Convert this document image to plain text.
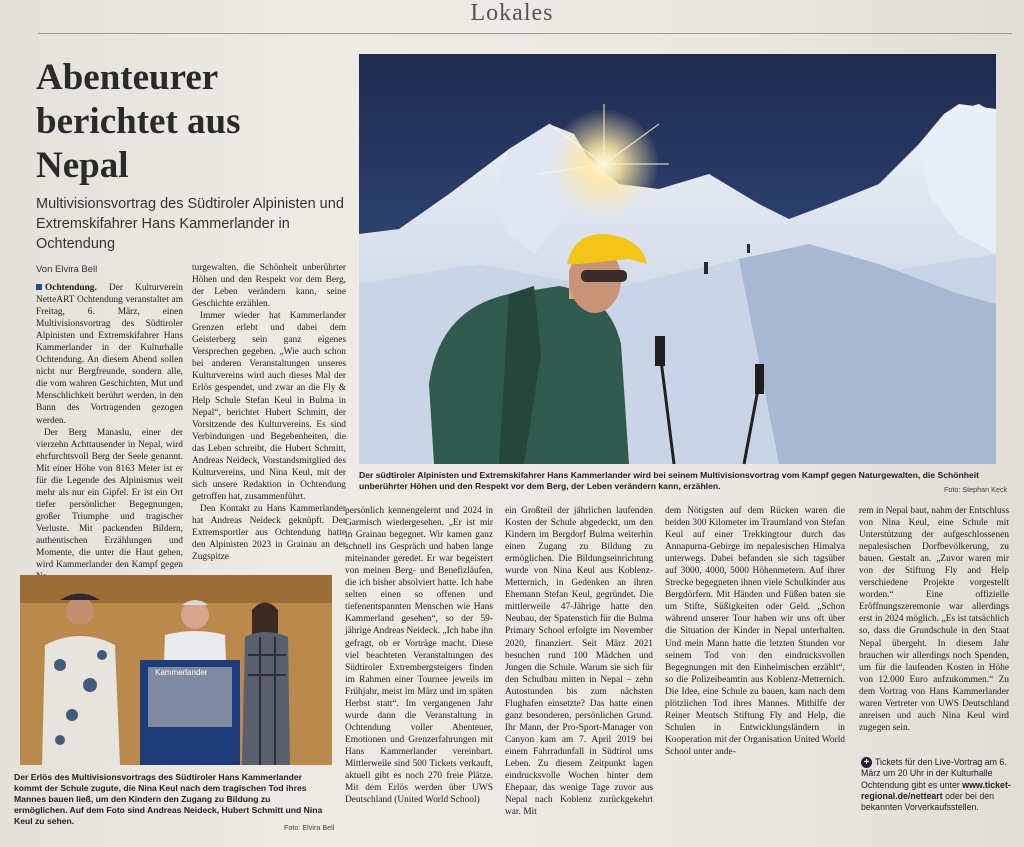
Lokales
Abenteurer berichtet aus Nepal
Multivisionsvortrag des Südtiroler Alpinisten und Extremskifahrer Hans Kammerlander in Ochtendung
Von Elvira Bell

Ochtendung. Der Kulturverein NetteART Ochtendung veranstaltet am Freitag, 6. März, einen Multivisionsvortrag des Südtiroler Alpinisten und Extremskifahrer Hans Kammerlander in der Kulturhalle Ochtendung. An diesem Abend sollen nicht nur Bergfreunde, sondern alle, die vom wahren Geschichten, Mut und Menschlichkeit berührt werden, in den Bann des Vortragenden gezogen werden.

Der Berg Manaslu, einer der vierzehn Achttausender in Nepal, wird ehrfurchtsvoll Berg der Seele genannt. Mit einer Höhe von 8163 Meter ist er für die Legende des Alpinismus weit mehr als nur ein Gipfel. Er ist ein Ort tiefer persönlicher Begegnungen, großer Triumphe und tragischer Verluste. Mit packenden Bildern, authentischen Erzählungen und Momente, die unter die Haut gehen, wird Kammerlander den Kampf gegen

turgewalten, die Schönheit unberührter Höhen und den Respekt vor dem Berg, der Leben verändern kann, seine Geschichte erzählen.

Immer wieder hat Kammerlander Grenzen erlebt und dabei dem Geisterberg sein ganz eigenes Versprechen gegeben. „Wie auch schon bei anderen Veranstaltungen unseres Kulturvereins wird auch dieses Mal der Erlös gespendet, und zwar an die Fly & Help Schule Stefan Keul in Bulma in Nepal“, berichtet Hubert Schmitt, der Vorsitzende des Kulturvereins. Es sind Verbindungen und Begebenheiten, die das Leben schreibt, die Hubert Schmitt, Andreas Neideck, Vorstandsmitglied des Kulturvereins, und Nina Keul, mit der sich unsere Redaktion in Ochtendung getroffen hat, zusammenführt.

Den Kontakt zu Hans Kammerlander hat Andreas Neideck geknüpft. Der Extremsportler aus Ochtendung hatte den Alpinisten 2023 in Grainau an der Zugspitze

Der südtiroler Alpinisten und Extremskifahrer Hans Kammerlander wird bei seinem Multivisionsvortrag vom Kampf gegen Naturgewalten, die Schönheit unberührter Höhen und den Respekt vor dem Berg, der Leben verändern kann, erzählen.	Foto: Stephan Keck
Kammerlander
Der Erlös des Multivisionsvortrags des Südtiroler Hans Kammerlander kommt der Schule zugute, die Nina Keul nach dem tragischen Tod ihres Mannes bauen ließ, um den Kindern den Zugang zu Bildung zu ermöglichen. Auf dem Foto sind Andreas Neideck, Hubert Schmitt und Nina Keul zu sehen.
Foto: Elvira Bell

persönlich kennengelernt und 2024 in Garmisch wiedergesehen. „Er ist mir in Grainau begegnet. Wir kamen ganz schnell ins Gespräch und haben lange miteinander geredet. Er war begeistert von meinen Berg- und Benefizläufen, die ich bisher absolviert hatte. Ich habe selten einen so offenen und tiefenentspannten Menschen wie Hans Kammerland gesehen“, so der 59-jährige Andreas Neideck. „Ich habe ihn gefragt, ob er Vorträge macht. Diese viel beachteten Veranstaltungen des Südtiroler Extrembergsteigers finden im Rahmen einer Tournee jeweils im Frühjahr, meist im März und im späten Herbst statt“. Im vergangenen Jahr wurde dann die Veranstaltung in Ochtendung voller Abenteuer, Emotionen und Grenzerfahrungen mit Hans Kammerlander vereinbart. Mittlerweile sind 500 Tickets verkauft, aktuell gibt es noch 270 freie Plätze. Mit dem Erlös werden über UWS Deutschland (United World School)

ein Großteil der jährlichen laufenden Kosten der Schule abgedeckt, um den Kindern im Bergdorf Bulma weiterhin einen Zugang zu Bildung zu ermöglichen. Die Bildungseinrichtung wurde von Nina Keul aus Koblenz-Metternich, in Gedenken an ihren Ehemann Stefan Keul, gegründet. Die mittlerweile 47-Jährige hatte den Neubau, der Spatenstich für die Bulma Primary School erfolgte im November 2020, finanziert. Seit März 2021 besuchen rund 100 Mädchen und Jungen die Schule. Warum sie sich für den Schulbau mitten in Nepal – zehn Autostunden bis zum nächsten Flughafen einsetzte? Das hatte einen ganz besonderen, persönlichen Grund. Ihr Mann, der Pro-Sport-Manager von Canyon kam am 7. April 2019 bei einem Fahrradunfall in Südtirol ums Leben. Zu diesem Zeitpunkt lagen eindrucksvolle Wochen hinter dem Ehepaar, das wenige Tage zuvor aus Nepal nach Koblenz zurückgekehrt war. Mit

dem Nötigsten auf dem Rücken waren die beiden 300 Kilometer im Traumland von Stefan Keul auf einer Trekkingtour durch das Annapurna-Gebirge im nepalesischen Himalya unterwegs. Dabei befanden sie sich tagsüber auf 3000, 4000, 5000 Höhenmetern. Auf ihrer Strecke begegneten ihnen viele Schulkinder aus Bergdörfern. Mit Händen und Füßen baten sie um Stifte, Süßigkeiten oder Geld. „Schon während unserer Tour haben wir uns oft über die Situation der Kinder in Nepal unterhalten. Und mein Mann hatte die letzten Stunden vor seinem Tod von den eindrucksvollen Begegnungen mit den Einheimischen erzählt“, so die Polizeibeamtin aus Koblenz-Metternich. Die Idee, eine Schule zu bauen, kam nach dem plötzlichen Tod ihres Mannes. Mithilfe der Reiner Meutsch Stiftung Fly and Help, die Schulen in Entwicklungsländern in Kooperation mit der Organisation United World School unter ande-

rem in Nepal baut, nahm der Entschluss von Nina Keul, eine Schule mit Unterstützung der aufgeschlossenen nepalesischen Dorfbevölkerung, zu bauen. Gestalt an. „Zuvor waren mir von der Stiftung Fly and Help verschiedene Projekte vorgestellt worden.“ Eine offizielle Eröffnungszeremonie war allerdings erst in 2024 möglich. „Es ist tatsächlich so, dass die Grundschule in den Staat Nepal übergeht. In diesem Jahr brauchen wir allerdings noch Spenden, um für die laufenden Kosten in Höhe von 12.000 Euro aufzukommen.“ Zu dem Vortrag von Hans Kammerlander waren Vertreter von UWS Deutschland anreisen und auch Nina Keul wird zugegen sein.

+ Tickets für den Live-Vortrag am 6. März um 20 Uhr in der Kulturhalle Ochtendung gibt es unter www.ticket-regional.de/netteart oder bei den bekannten Vorverkaufsstellen.
